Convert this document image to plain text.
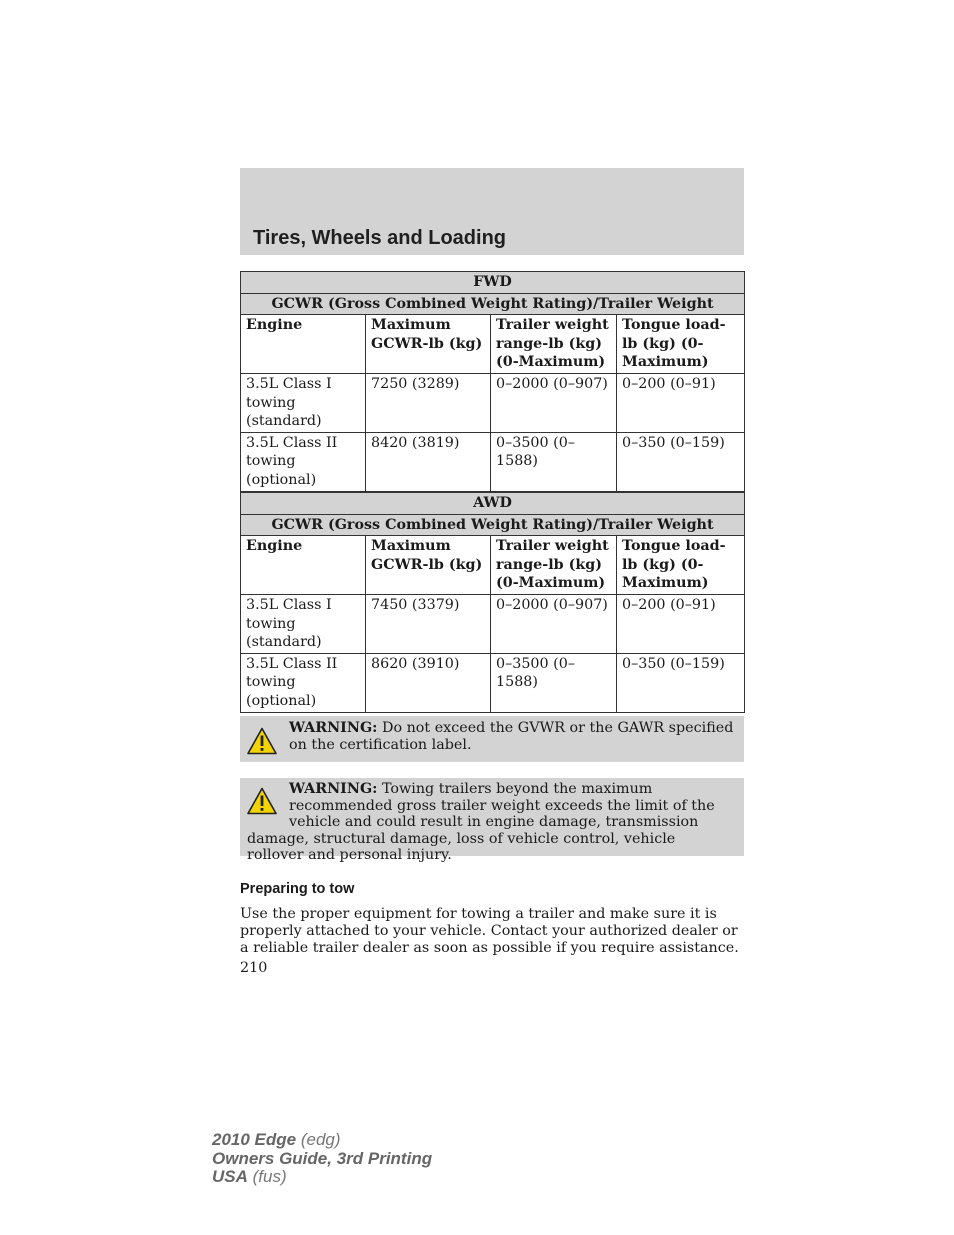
Tires, Wheels and Loading
FWD			
GCWR (Gross Combined Weight Rating)/Trailer Weight			
Engine	Maximum GCWR-lb (kg)	Trailer weight range-lb (kg) (0-Maximum)	Tongue load-lb (kg) (0-Maximum)
3.5L Class I towing (standard)	7250 (3289)	0–2000 (0–907)	0–200 (0–91)
3.5L Class II towing (optional)	8420 (3819)	0–3500 (0–1588)	0–350 (0–159)
AWD			
GCWR (Gross Combined Weight Rating)/Trailer Weight			
Engine	Maximum GCWR-lb (kg)	Trailer weight range-lb (kg) (0-Maximum)	Tongue load-lb (kg) (0-Maximum)
3.5L Class I towing (standard)	7450 (3379)	0–2000 (0–907)	0–200 (0–91)
3.5L Class II towing (optional)	8620 (3910)	0–3500 (0–1588)	0–350 (0–159)

WARNING: Do not exceed the GVWR or the GAWR specified on the certification label.

WARNING: Towing trailers beyond the maximum recommended gross trailer weight exceeds the limit of the vehicle and could result in engine damage, transmission damage, structural damage, loss of vehicle control, vehicle rollover and personal injury.

Preparing to tow

Use the proper equipment for towing a trailer and make sure it is properly attached to your vehicle. Contact your authorized dealer or a reliable trailer dealer as soon as possible if you require assistance.

210

2010 Edge (edg)
Owners Guide, 3rd Printing
USA (fus)
